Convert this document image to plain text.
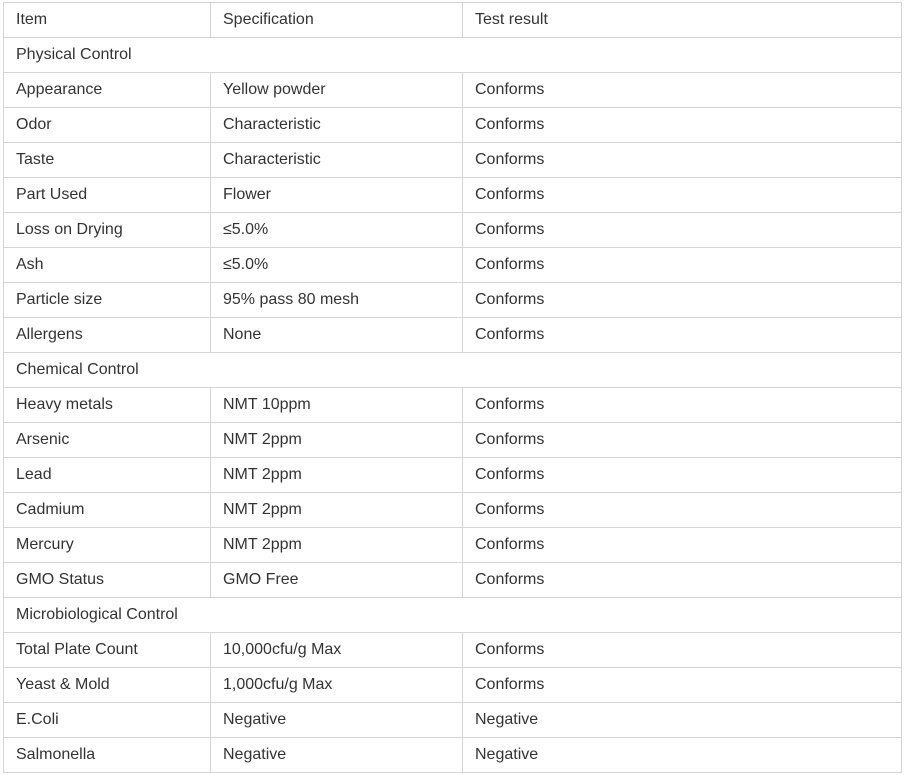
Item	Specification	Test result
Physical Control		
Appearance	Yellow powder	Conforms
Odor	Characteristic	Conforms
Taste	Characteristic	Conforms
Part Used	Flower	Conforms
Loss on Drying	≤5.0%	Conforms
Ash	≤5.0%	Conforms
Particle size	95% pass 80 mesh	Conforms
Allergens	None	Conforms
Chemical Control		
Heavy metals	NMT 10ppm	Conforms
Arsenic	NMT 2ppm	Conforms
Lead	NMT 2ppm	Conforms
Cadmium	NMT 2ppm	Conforms
Mercury	NMT 2ppm	Conforms
GMO Status	GMO Free	Conforms
Microbiological Control		
Total Plate Count	10,000cfu/g Max	Conforms
Yeast & Mold	1,000cfu/g Max	Conforms
E.Coli	Negative	Negative
Salmonella	Negative	Negative
